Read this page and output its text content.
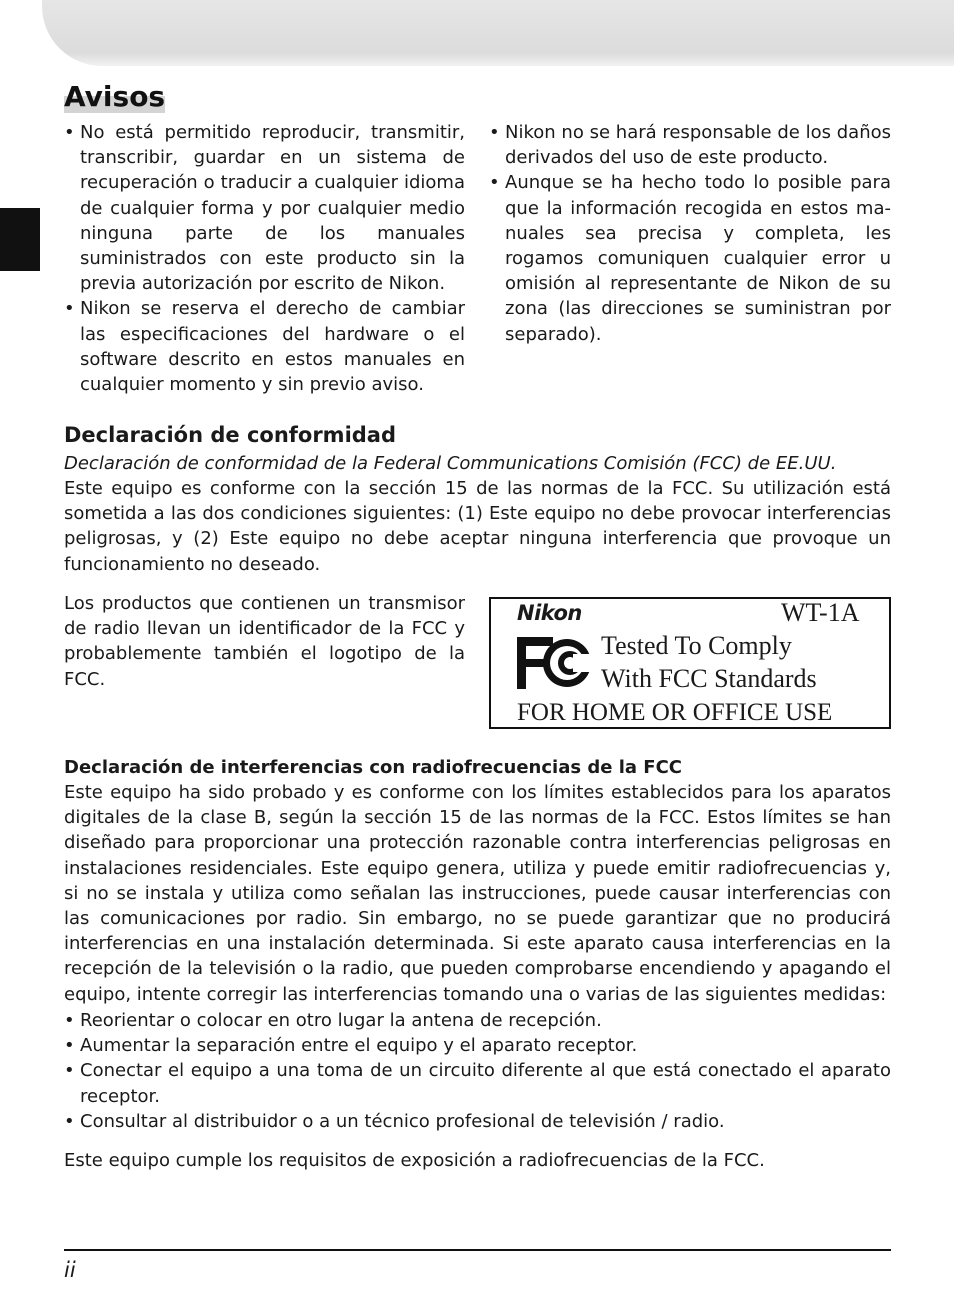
Avisos
• No está permitido reproducir, transmitir, transcribir, guardar en un sistema de recuperación o traducir a cualquier idioma de cualquier forma y por cualquier medio ninguna parte de los manuales suministrados con este producto sin la previa autorización por escrito de Nikon.
• Nikon se reserva el derecho de cambiar las especificaciones del hardware o el software descrito en estos manuales en cualquier momento y sin previo aviso.
• Nikon no se hará responsable de los daños derivados del uso de este producto.
• Aunque se ha hecho todo lo posible para que la información recogida en estos manuales sea precisa y completa, les rogamos comuniquen cualquier error u omisión al representante de Nikon de su zona (las direcciones se suministran por separado).
Declaración de conformidad
Declaración de conformidad de la Federal Communications Comisión (FCC) de EE.UU.
Este equipo es conforme con la sección 15 de las normas de la FCC. Su utilización está sometida a las dos condiciones siguientes: (1) Este equipo no debe provocar interferencias peligrosas, y (2) Este equipo no debe aceptar ninguna interferencia que provoque un funcionamiento no deseado.
Los productos que contienen un transmisor de radio llevan un identificador de la FCC y probablemente también el logotipo de la FCC.
Nikon	WT-1A
Tested To Comply
With FCC Standards
FOR HOME OR OFFICE USE
Declaración de interferencias con radiofrecuencias de la FCC
Este equipo ha sido probado y es conforme con los límites establecidos para los aparatos digitales de la clase B, según la sección 15 de las normas de la FCC. Estos límites se han diseñado para proporcionar una protección razonable contra interferencias peligrosas en instalaciones residenciales. Este equipo genera, utiliza y puede emitir radiofrecuencias y, si no se instala y utiliza como señalan las instrucciones, puede causar interferencias con las comunicaciones por radio. Sin embargo, no se puede garantizar que no producirá interferencias en una instalación determinada. Si este aparato causa interferencias en la recepción de la televisión o la radio, que pueden comprobarse encendiendo y apagando el equipo, intente corregir las interferencias tomando una o varias de las siguientes medidas:
• Reorientar o colocar en otro lugar la antena de recepción.
• Aumentar la separación entre el equipo y el aparato receptor.
• Conectar el equipo a una toma de un circuito diferente al que está conectado el aparato receptor.
• Consultar al distribuidor o a un técnico profesional de televisión / radio.
Este equipo cumple los requisitos de exposición a radiofrecuencias de la FCC.
ii
